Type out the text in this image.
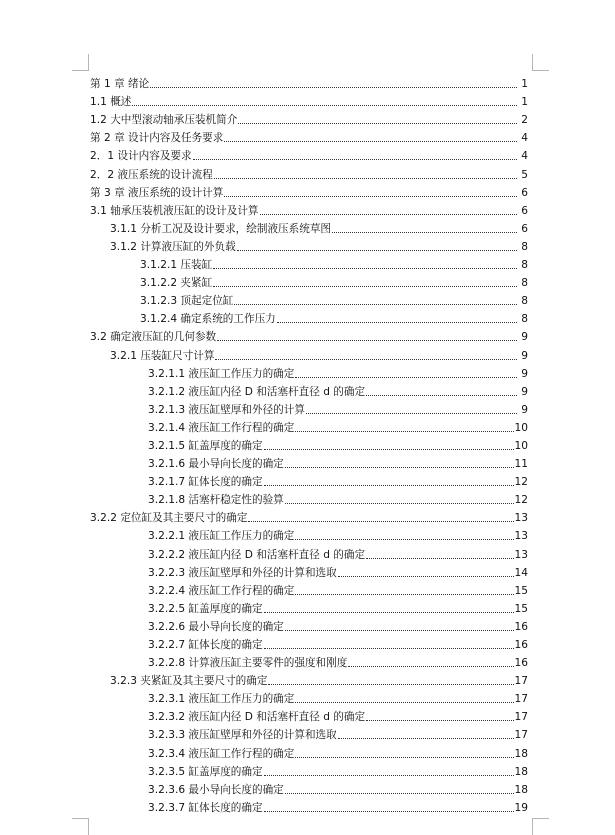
第 1 章 绪论	1
1.1 概述	1
1.2 大中型滚动轴承压装机简介	2
第 2 章 设计内容及任务要求	4
2．1 设计内容及要求	4
2．2 液压系统的设计流程	5
第 3 章 液压系统的设计计算	6
3.1 轴承压装机液压缸的设计及计算	6
3.1.1 分析工况及设计要求，绘制液压系统草图	6
3.1.2 计算液压缸的外负载	8
3.1.2.1 压装缸	8
3.1.2.2 夹紧缸	8
3.1.2.3 顶起定位缸	8
3.1.2.4 确定系统的工作压力	8
3.2 确定液压缸的几何参数	9
3.2.1 压装缸尺寸计算	9
3.2.1.1 液压缸工作压力的确定	9
3.2.1.2 液压缸内径 D 和活塞杆直径 d 的确定	9
3.2.1.3 液压缸壁厚和外径的计算	9
3.2.1.4 液压缸工作行程的确定	10
3.2.1.5 缸盖厚度的确定	10
3.2.1.6 最小导向长度的确定	11
3.2.1.7 缸体长度的确定	12
3.2.1.8 活塞杆稳定性的验算	12
3.2.2 定位缸及其主要尺寸的确定	13
3.2.2.1 液压缸工作压力的确定	13
3.2.2.2 液压缸内径 D 和活塞杆直径 d 的确定	13
3.2.2.3 液压缸壁厚和外径的计算和选取	14
3.2.2.4 液压缸工作行程的确定	15
3.2.2.5 缸盖厚度的确定	15
3.2.2.6 最小导向长度的确定	16
3.2.2.7 缸体长度的确定	16
3.2.2.8 计算液压缸主要零件的强度和刚度	16
3.2.3 夹紧缸及其主要尺寸的确定	17
3.2.3.1 液压缸工作压力的确定	17
3.2.3.2 液压缸内径 D 和活塞杆直径 d 的确定	17
3.2.3.3 液压缸壁厚和外径的计算和选取	17
3.2.3.4 液压缸工作行程的确定	18
3.2.3.5 缸盖厚度的确定	18
3.2.3.6 最小导向长度的确定	18
3.2.3.7 缸体长度的确定	19
